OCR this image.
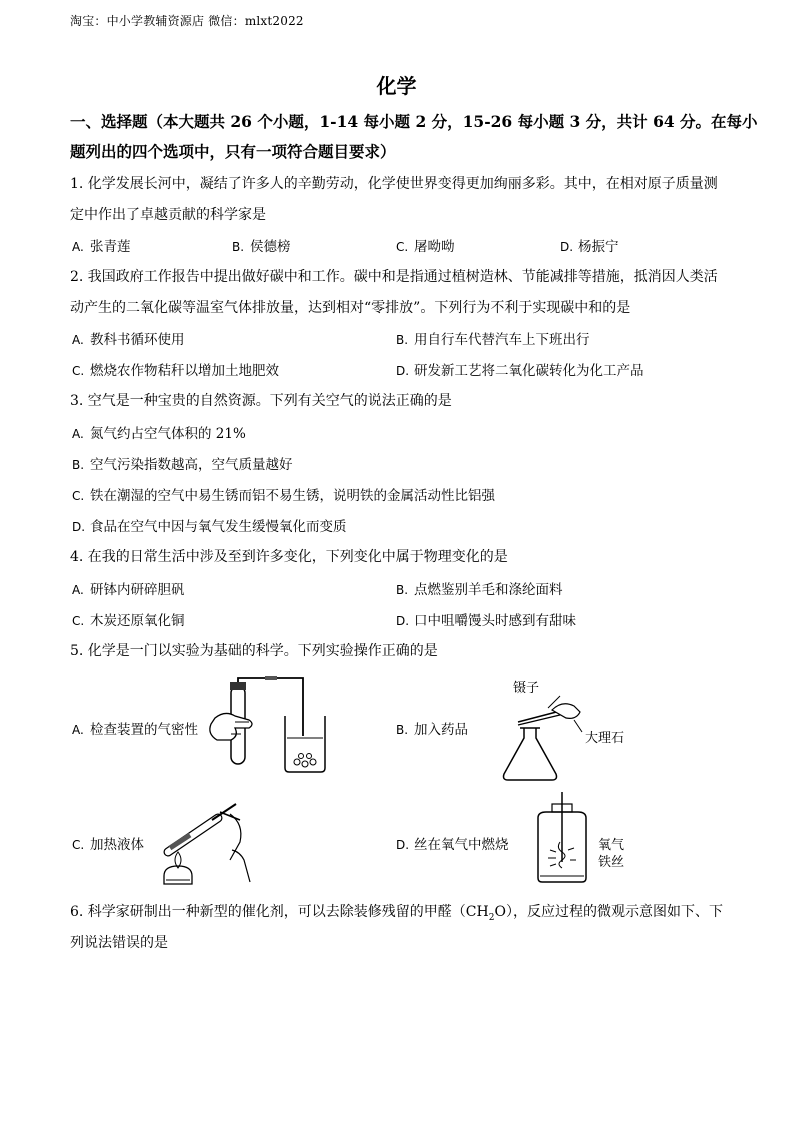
淘宝：中小学教辅资源店 微信：mlxt2022
化学
一、选择题（本大题共 26 个小题，1-14 每小题 2 分，15-26 每小题 3 分，共计 64 分。在每小
题列出的四个选项中，只有一项符合题目要求）
1. 化学发展长河中，凝结了许多人的辛勤劳动，化学使世界变得更加绚丽多彩。其中，在相对原子质量测
定中作出了卓越贡献的科学家是
A. 张青莲	B. 侯德榜	C. 屠呦呦	D. 杨振宁
2. 我国政府工作报告中提出做好碳中和工作。碳中和是指通过植树造林、节能减排等措施，抵消因人类活
动产生的二氧化碳等温室气体排放量，达到相对“零排放”。下列行为不利于实现碳中和的是
A. 教科书循环使用	B. 用自行车代替汽车上下班出行
C. 燃烧农作物秸秆以增加土地肥效	D. 研发新工艺将二氧化碳转化为化工产品
3. 空气是一种宝贵的自然资源。下列有关空气的说法正确的是
A. 氮气约占空气体积的 21%
B. 空气污染指数越高，空气质量越好
C. 铁在潮湿的空气中易生锈而铝不易生锈，说明铁的金属活动性比铝强
D. 食品在空气中因与氧气发生缓慢氧化而变质
4. 在我的日常生活中涉及至到许多变化，下列变化中属于物理变化的是
A. 研钵内研碎胆矾	B. 点燃鉴别羊毛和涤纶面料
C. 木炭还原氧化铜	D. 口中咀嚼馒头时感到有甜味
5. 化学是一门以实验为基础的科学。下列实验操作正确的是
A. 检查装置的气密性	B. 加入药品
C. 加热液体	D. 丝在氧气中燃烧
镊子
大理石
氧气
铁丝
6. 科学家研制出一种新型的催化剂，可以去除装修残留的甲醛$(CH_2O)$，反应过程的微观示意图如下、下
列说法错误的是
